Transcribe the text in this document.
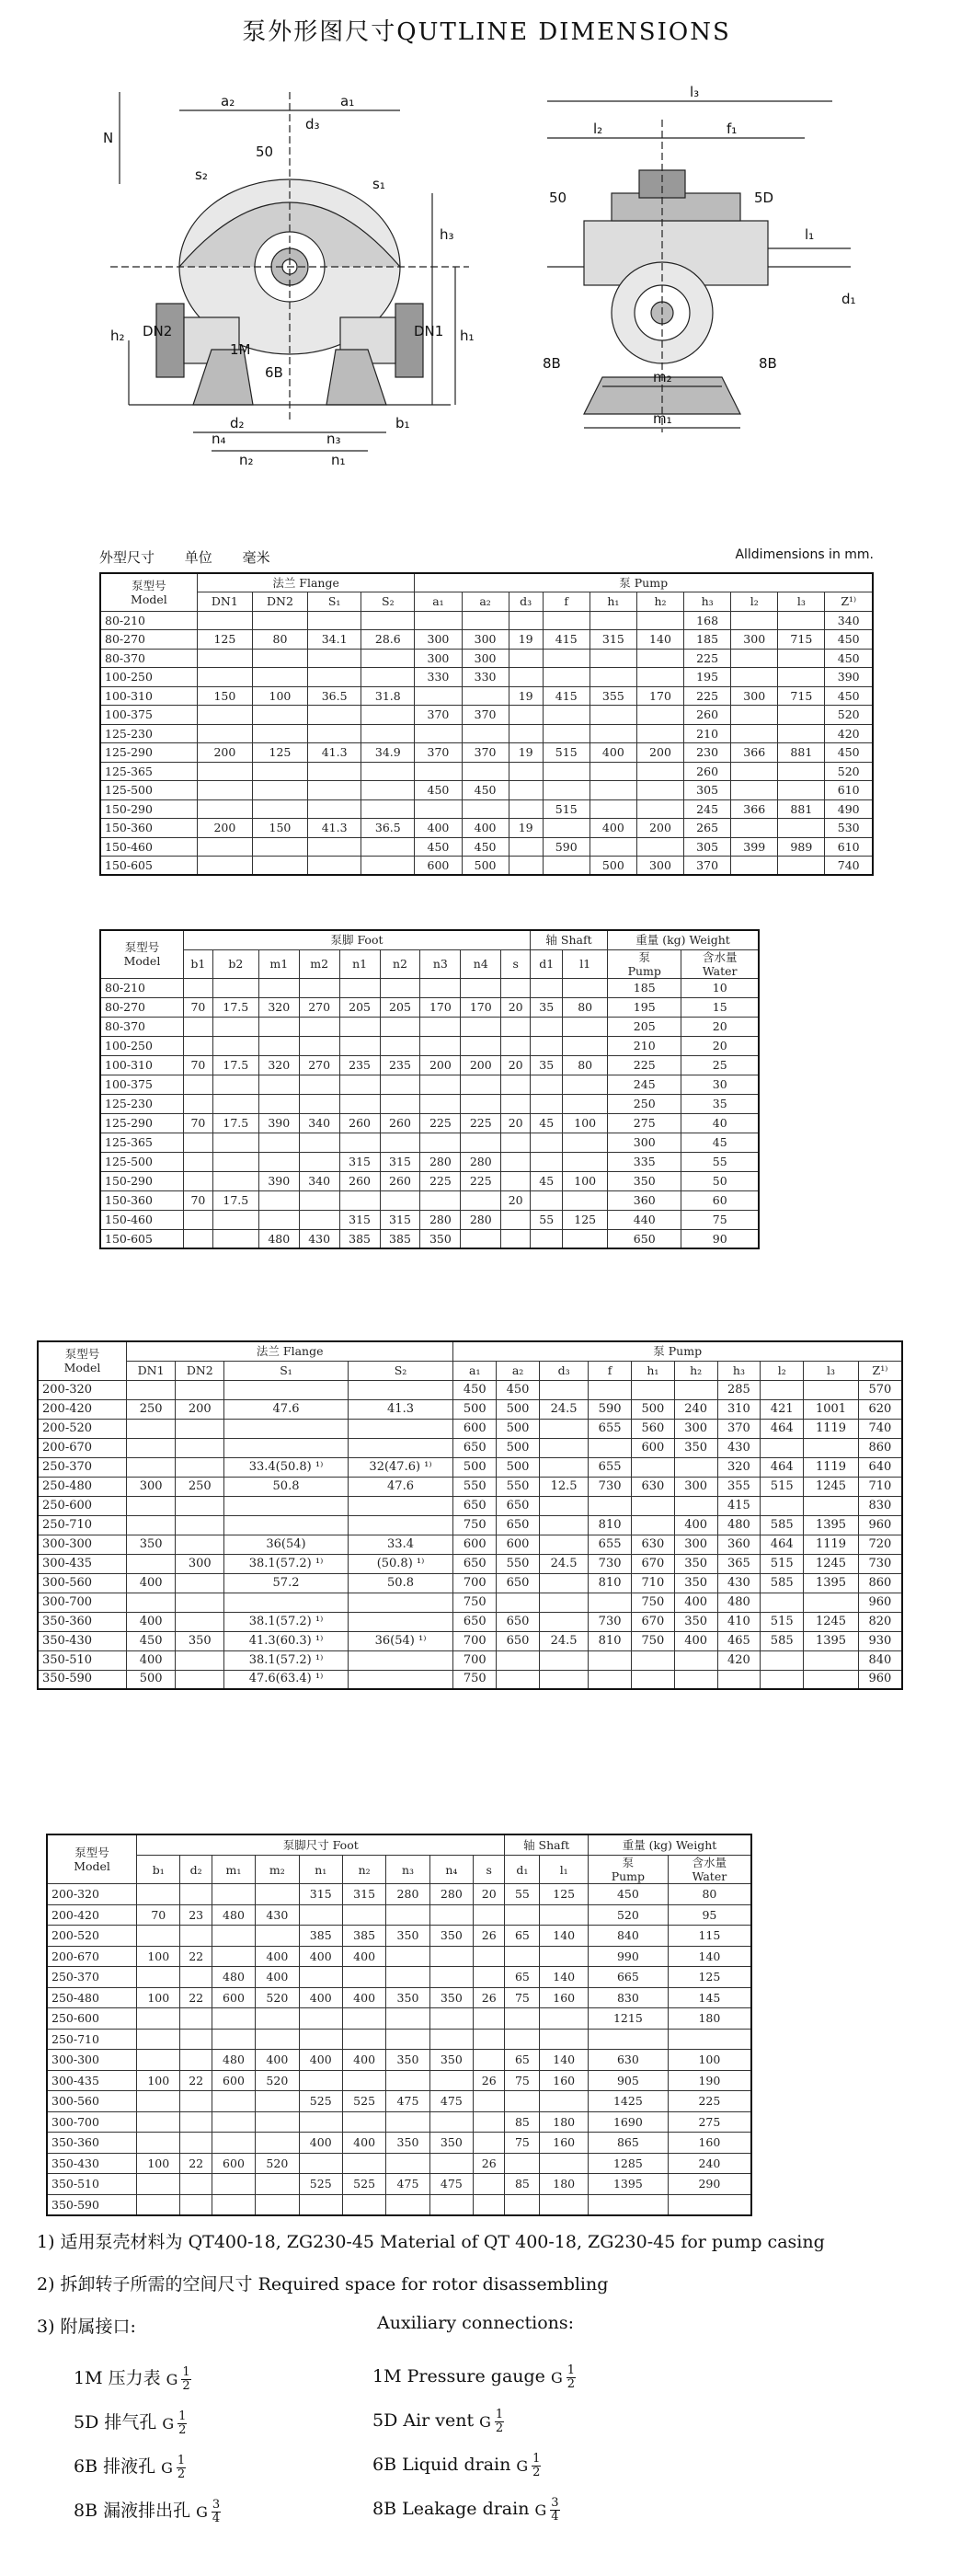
泵外形图尺寸QUTLINE DIMENSIONS
N
a₂	a₁
d₃
s₂
50
s₁
h₃
h₂ DN2	DN1 h₁
1M
6B
d₂	b₁
n₄	n₃
n₂	n₁
l₃
l₂	f₁
50	5D
l₁
d₁
8B	8B
m₂
m₁
外型尺寸 单位 毫米	Alldimensions in mm.
泵型号
Model	法兰 Flange				泵 Pump									
	DN1	DN2	S₁	S₂	a₁	a₂	d₃	f	h₁	h₂	h₃	l₂	l₃	Z¹⁾
80-210											168			340
80-270	125	80	34.1	28.6	300	300	19	415	315	140	185	300	715	450
80-370					300	300					225			450
100-250					330	330					195			390
100-310	150	100	36.5	31.8			19	415	355	170	225	300	715	450
100-375					370	370					260			520
125-230											210			420
125-290	200	125	41.3	34.9	370	370	19	515	400	200	230	366	881	450
125-365											260			520
125-500					450	450					305			610
150-290								515			245	366	881	490
150-360	200	150	41.3	36.5	400	400	19		400	200	265			530
150-460					450	450		590			305	399	989	610
150-605					600	500			500	300	370			740
泵型号
Model	泵脚 Foot									轴 Shaft		重量 (kg) Weight	
	b1	b2	m1	m2	n1	n2	n3	n4	s	d1	l1	泵
Pump	含水量
Water
80-210												185	10
80-270	70	17.5	320	270	205	205	170	170	20	35	80	195	15
80-370												205	20
100-250												210	20
100-310	70	17.5	320	270	235	235	200	200	20	35	80	225	25
100-375												245	30
125-230												250	35
125-290	70	17.5	390	340	260	260	225	225	20	45	100	275	40
125-365												300	45
125-500					315	315	280	280				335	55
150-290			390	340	260	260	225	225		45	100	350	50
150-360	70	17.5							20			360	60
150-460					315	315	280	280		55	125	440	75
150-605			480	430	385	385	350					650	90
泵型号
Model	法兰 Flange				泵 Pump									
	DN1	DN2	S₁	S₂	a₁	a₂	d₃	f	h₁	h₂	h₃	l₂	l₃	Z¹⁾
200-320					450	450					285			570
200-420	250	200	47.6	41.3	500	500	24.5	590	500	240	310	421	1001	620
200-520					600	500		655	560	300	370	464	1119	740
200-670					650	500			600	350	430			860
250-370			33.4(50.8) ¹⁾	32(47.6) ¹⁾	500	500		655			320	464	1119	640
250-480	300	250	50.8	47.6	550	550	12.5	730	630	300	355	515	1245	710
250-600					650	650					415			830
250-710					750	650		810		400	480	585	1395	960
300-300	350		36(54)	33.4	600	600		655	630	300	360	464	1119	720
300-435		300	38.1(57.2) ¹⁾	(50.8) ¹⁾	650	550	24.5	730	670	350	365	515	1245	730
300-560	400		57.2	50.8	700	650		810	710	350	430	585	1395	860
300-700					750				750	400	480			960
350-360	400		38.1(57.2) ¹⁾		650	650		730	670	350	410	515	1245	820
350-430	450	350	41.3(60.3) ¹⁾	36(54) ¹⁾	700	650	24.5	810	750	400	465	585	1395	930
350-510	400		38.1(57.2) ¹⁾		700						420			840
350-590	500		47.6(63.4) ¹⁾		750									960
泵型号
Model	泵脚尺寸 Foot									轴 Shaft		重量 (kg) Weight	
	b₁	d₂	m₁	m₂	n₁	n₂	n₃	n₄	s	d₁	l₁	泵
Pump	含水量
Water
200-320					315	315	280	280	20	55	125	450	80
200-420	70	23	480	430								520	95
200-520					385	385	350	350	26	65	140	840	115
200-670	100	22		400	400	400						990	140
250-370			480	400						65	140	665	125
250-480	100	22	600	520	400	400	350	350	26	75	160	830	145
250-600												1215	180
250-710													
300-300			480	400	400	400	350	350		65	140	630	100
300-435	100	22	600	520					26	75	160	905	190
300-560					525	525	475	475				1425	225
300-700										85	180	1690	275
350-360					400	400	350	350		75	160	865	160
350-430	100	22	600	520					26			1285	240
350-510					525	525	475	475		85	180	1395	290
350-590													
1) 适用泵壳材料为 QT400-18, ZG230-45 Material of QT 400-18, ZG230-45 for pump casing
2) 拆卸转子所需的空间尺寸 Required space for rotor disassembling
3) 附属接口:	Auxiliary connections:
1M 压力表 G $\frac{1}{2}$	1M Pressure gauge G $\frac{1}{2}$
5D 排气孔 G $\frac{1}{2}$	5D Air vent G $\frac{1}{2}$
6B 排液孔 G $\frac{1}{2}$	6B Liquid drain G $\frac{1}{2}$
8B 漏液排出孔 G $\frac{3}{4}$	8B Leakage drain G $\frac{3}{4}$
